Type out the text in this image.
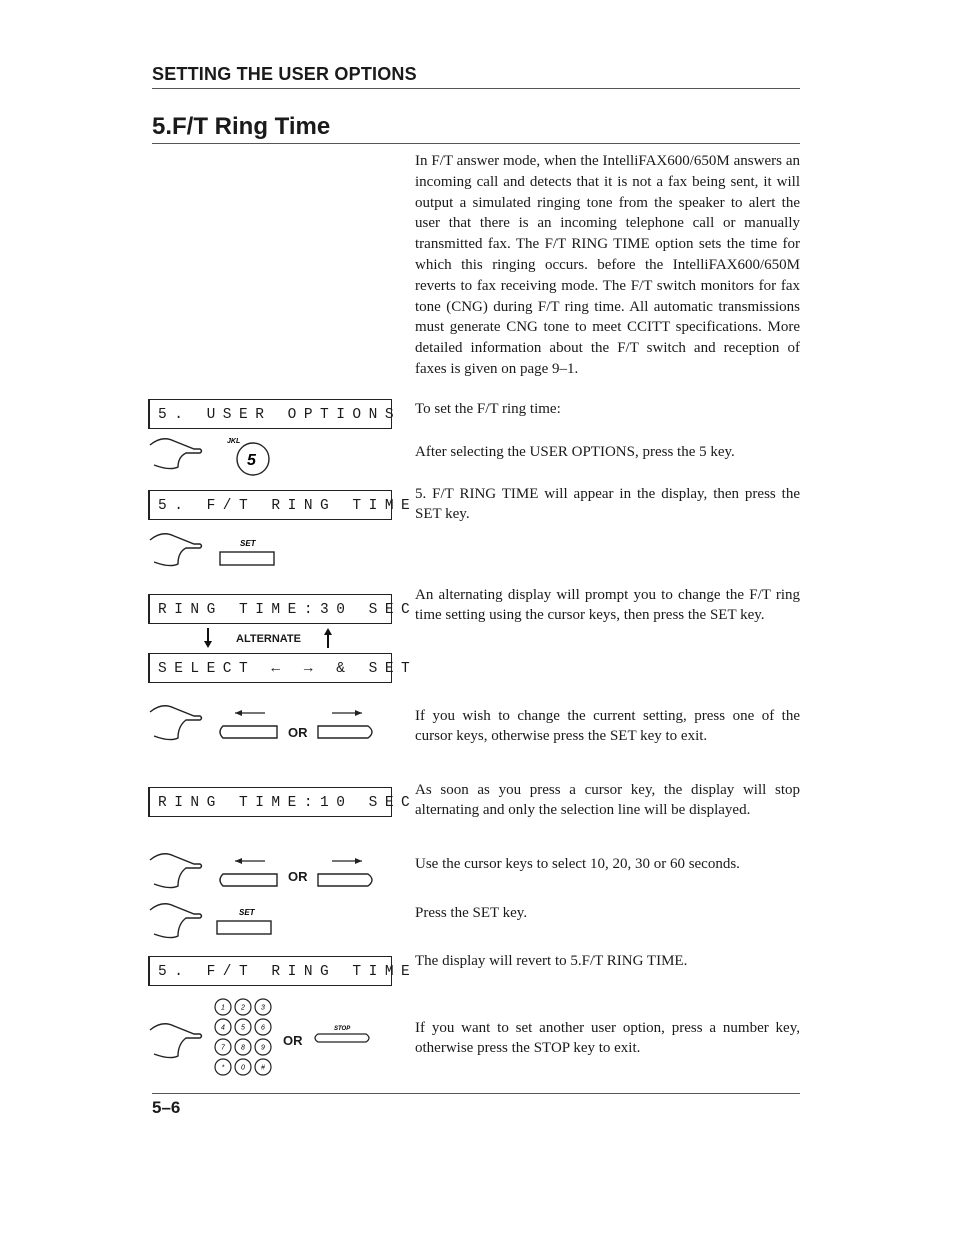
SETTING THE USER OPTIONS
5.F/T Ring Time

In F/T answer mode, when the IntelliFAX600/650M answers an incoming call and detects that it is not a fax being sent, it will output a simulated ringing tone from the speaker to alert the user that there is an incoming telephone call or manually transmitted fax. The F/T RING TIME option sets the time for which this ringing occurs. before the IntelliFAX600/650M reverts to fax receiving mode. The F/T switch monitors for fax tone (CNG) during F/T ring time. All automatic transmissions must generate CNG tone to meet CCITT specifications. More detailed information about the F/T switch and reception of faxes is given on page 9–1.

To set the F/T ring time:

After selecting the USER OPTIONS, press the 5 key.

5. F/T RING TIME will appear in the display, then press the SET key.

An alternating display will prompt you to change the F/T ring time setting using the cursor keys, then press the SET key.

If you wish to change the current setting, press one of the cursor keys, otherwise press the SET key to exit.

As soon as you press a cursor key, the display will stop alternating and only the selection line will be displayed.

Use the cursor keys to select 10, 20, 30 or 60 seconds.

Press the SET key.

The display will revert to 5.F/T RING TIME.

If you want to set another user option, press a number key, otherwise press the STOP key to exit.

5. USER OPTIONS
5. F/T RING TIME
RING TIME:30 SEC
SELECT ← → & SET
RING TIME:10 SEC
5. F/T RING TIME
ALTERNATE
JKL
5
SET
OR
OR
SET
1 2 3
4 5 6
7 8 9
* 0 #
OR
STOP
5–6
